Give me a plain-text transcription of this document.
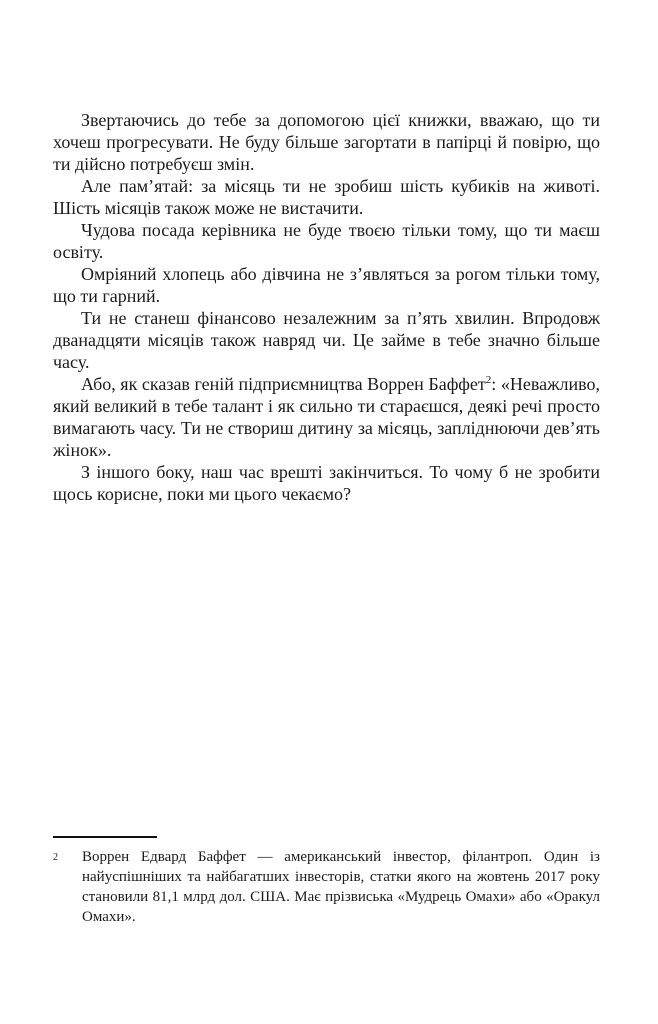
Звертаючись до тебе за допомогою цієї книжки, вважаю, що ти хочеш прогресувати. Не буду більше загортати в папірці й повірю, що ти дійсно потребуєш змін.

Але пам’ятай: за місяць ти не зробиш шість кубиків на животі. Шість місяців також може не вистачити.

Чудова посада керівника не буде твоєю тільки тому, що ти маєш освіту.

Омріяний хлопець або дівчина не з’являться за рогом тільки тому, що ти гарний.

Ти не станеш фінансово незалежним за п’ять хвилин. Впродовж дванадцяти місяців також навряд чи. Це займе в тебе значно більше часу.

Або, як сказав геній підприємництва Воррен Баффет$^2$: «Неважливо, який великий в тебе талант і як сильно ти стараєшся, деякі речі просто вимагають часу. Ти не створиш дитину за місяць, запліднюючи дев’ять жінок».

З іншого боку, наш час врешті закінчиться. То чому б не зробити щось корисне, поки ми цього чекаємо?

2	Воррен Едвард Баффет — американський інвестор, філантроп. Один із найуспішніших та найбагатших інвесторів, статки якого на жовтень 2017 року становили 81,1 млрд дол. США. Має прізвиська «Мудрець Омахи» або «Оракул Омахи».
